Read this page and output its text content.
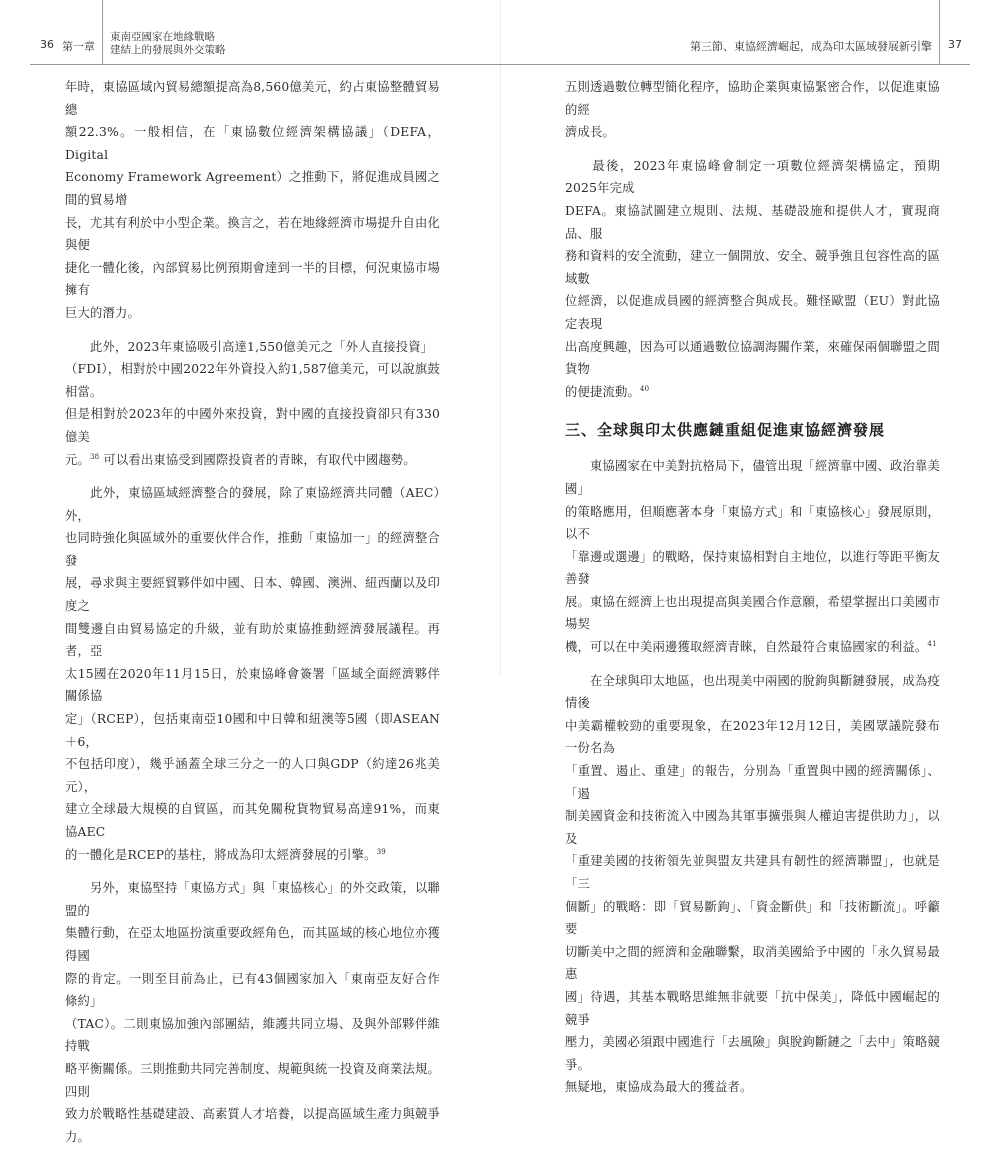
36 第一章
東南亞國家在地緣戰略
建結上的發展與外交策略	第三節、東協經濟崛起，成為印太區域發展新引擎 37

年時，東協區域內貿易總額提高為8,560億美元，約占東協整體貿易總
額22.3%。一般相信，在「東協數位經濟架構協議」（DEFA，Digital
Economy Framework Agreement）之推動下，將促進成員國之間的貿易增
長，尤其有利於中小型企業。換言之，若在地緣經濟市場提升自由化與便
捷化一體化後，內部貿易比例預期會達到一半的目標，何況東協市場擁有
巨大的潛力。

　　此外，2023年東協吸引高達1,550億美元之「外人直接投資」
（FDI），相對於中國2022年外資投入約1,587億美元，可以說旗鼓相當。
但是相對於2023年的中國外來投資，對中國的直接投資卻只有330億美
元。$^{38}$ 可以看出東協受到國際投資者的青睞，有取代中國趨勢。

　　此外，東協區域經濟整合的發展，除了東協經濟共同體（AEC）外，
也同時強化與區域外的重要伙伴合作，推動「東協加一」的經濟整合發
展，尋求與主要經貿夥伴如中國、日本、韓國、澳洲、紐西蘭以及印度之
間雙邊自由貿易協定的升級，並有助於東協推動經濟發展議程。再者，亞
太15國在2020年11月15日，於東協峰會簽署「區域全面經濟夥伴關係協
定」（RCEP），包括東南亞10國和中日韓和紐澳等5國（即ASEAN＋6，
不包括印度），幾乎涵蓋全球三分之一的人口與GDP（約達26兆美元），
建立全球最大規模的自貿區，而其免關稅貨物貿易高達91%，而東協AEC
的一體化是RCEP的基柱，將成為印太經濟發展的引擎。$^{39}$

　　另外，東協堅持「東協方式」與「東協核心」的外交政策，以聯盟的
集體行動，在亞太地區扮演重要政經角色，而其區域的核心地位亦獲得國
際的肯定。一則至目前為止，已有43個國家加入「東南亞友好合作條約」
（TAC）。二則東協加強內部團結，維護共同立場、及與外部夥伴維持戰
略平衡關係。三則推動共同完善制度、規範與統一投資及商業法規。四則
致力於戰略性基礎建設、高素質人才培養，以提高區域生產力與競爭力。

五則透過數位轉型簡化程序，協助企業與東協緊密合作，以促進東協的經
濟成長。

　　最後，2023年東協峰會制定一項數位經濟架構協定，預期2025年完成
DEFA。東協試圖建立規則、法規、基礎設施和提供人才，實現商品、服
務和資料的安全流動，建立一個開放、安全、競爭強且包容性高的區域數
位經濟，以促進成員國的經濟整合與成長。難怪歐盟（EU）對此協定表現
出高度興趣，因為可以通過數位協調海關作業，來確保兩個聯盟之間貨物
的便捷流動。$^{40}$

三、全球與印太供應鏈重組促進東協經濟發展

　　東協國家在中美對抗格局下，儘管出現「經濟靠中國、政治靠美國」
的策略應用，但順應著本身「東協方式」和「東協核心」發展原則，以不
「靠邊或選邊」的戰略，保持東協相對自主地位，以進行等距平衡友善發
展。東協在經濟上也出現提高與美國合作意願，希望掌握出口美國市場契
機，可以在中美兩邊獲取經濟青睞，自然最符合東協國家的利益。$^{41}$

　　在全球與印太地區，也出現美中兩國的脫鉤與斷鏈發展，成為疫情後
中美霸權較勁的重要現象，在2023年12月12日，美國眾議院發布一份名為
「重置、遏止、重建」的報告，分別為「重置與中國的經濟關係」、「遏
制美國資金和技術流入中國為其軍事擴張與人權迫害提供助力」，以及
「重建美國的技術領先並與盟友共建具有韌性的經濟聯盟」，也就是「三
個斷」的戰略：即「貿易斷鉤」、「資金斷供」和「技術斷流」。呼籲要
切斷美中之間的經濟和金融聯繫，取消美國給予中國的「永久貿易最惠
國」待遇，其基本戰略思維無非就要「抗中保美」，降低中國崛起的競爭
壓力，美國必須跟中國進行「去風險」與脫鉤斷鏈之「去中」策略競爭。
無疑地，東協成為最大的獲益者。
